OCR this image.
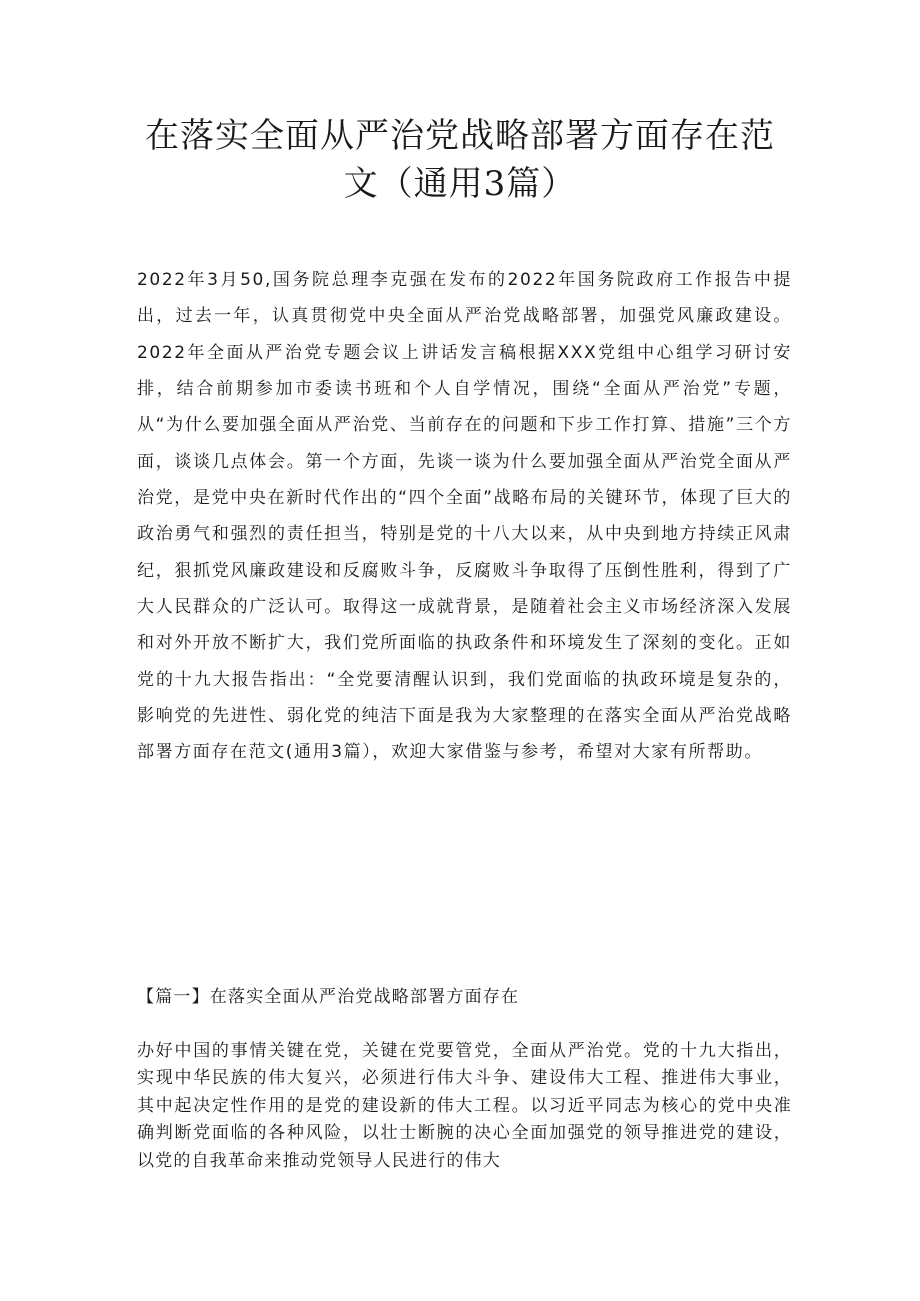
在落实全面从严治党战略部署方面存在范
文（通用3篇）

2022年3月50,国务院总理李克强在发布的2022年国务院政府工作报告中提出，过去一年，认真贯彻党中央全面从严治党战略部署，加强党风廉政建设。2022年全面从严治党专题会议上讲话发言稿根据XXX党组中心组学习研讨安排，结合前期参加市委读书班和个人自学情况，围绕“全面从严治党”专题，从“为什么要加强全面从严治党、当前存在的问题和下步工作打算、措施”三个方面，谈谈几点体会。第一个方面，先谈一谈为什么要加强全面从严治党全面从严治党，是党中央在新时代作出的“四个全面”战略布局的关键环节，体现了巨大的政治勇气和强烈的责任担当，特别是党的十八大以来，从中央到地方持续正风肃纪，狠抓党风廉政建设和反腐败斗争，反腐败斗争取得了压倒性胜利，得到了广大人民群众的广泛认可。取得这一成就背景，是随着社会主义市场经济深入发展和对外开放不断扩大，我们党所面临的执政条件和环境发生了深刻的变化。正如党的十九大报告指出：“全党要清醒认识到，我们党面临的执政环境是复杂的，影响党的先进性、弱化党的纯洁下面是我为大家整理的在落实全面从严治党战略部署方面存在范文(通用3篇），欢迎大家借鉴与参考，希望对大家有所帮助。

【篇一】在落实全面从严治党战略部署方面存在

办好中国的事情关键在党，关键在党要管党，全面从严治党。党的十九大指出，实现中华民族的伟大复兴，必须进行伟大斗争、建设伟大工程、推进伟大事业，其中起决定性作用的是党的建设新的伟大工程。以习近平同志为核心的党中央准确判断党面临的各种风险，以壮士断腕的决心全面加强党的领导推进党的建设，以党的自我革命来推动党领导人民进行的伟大
